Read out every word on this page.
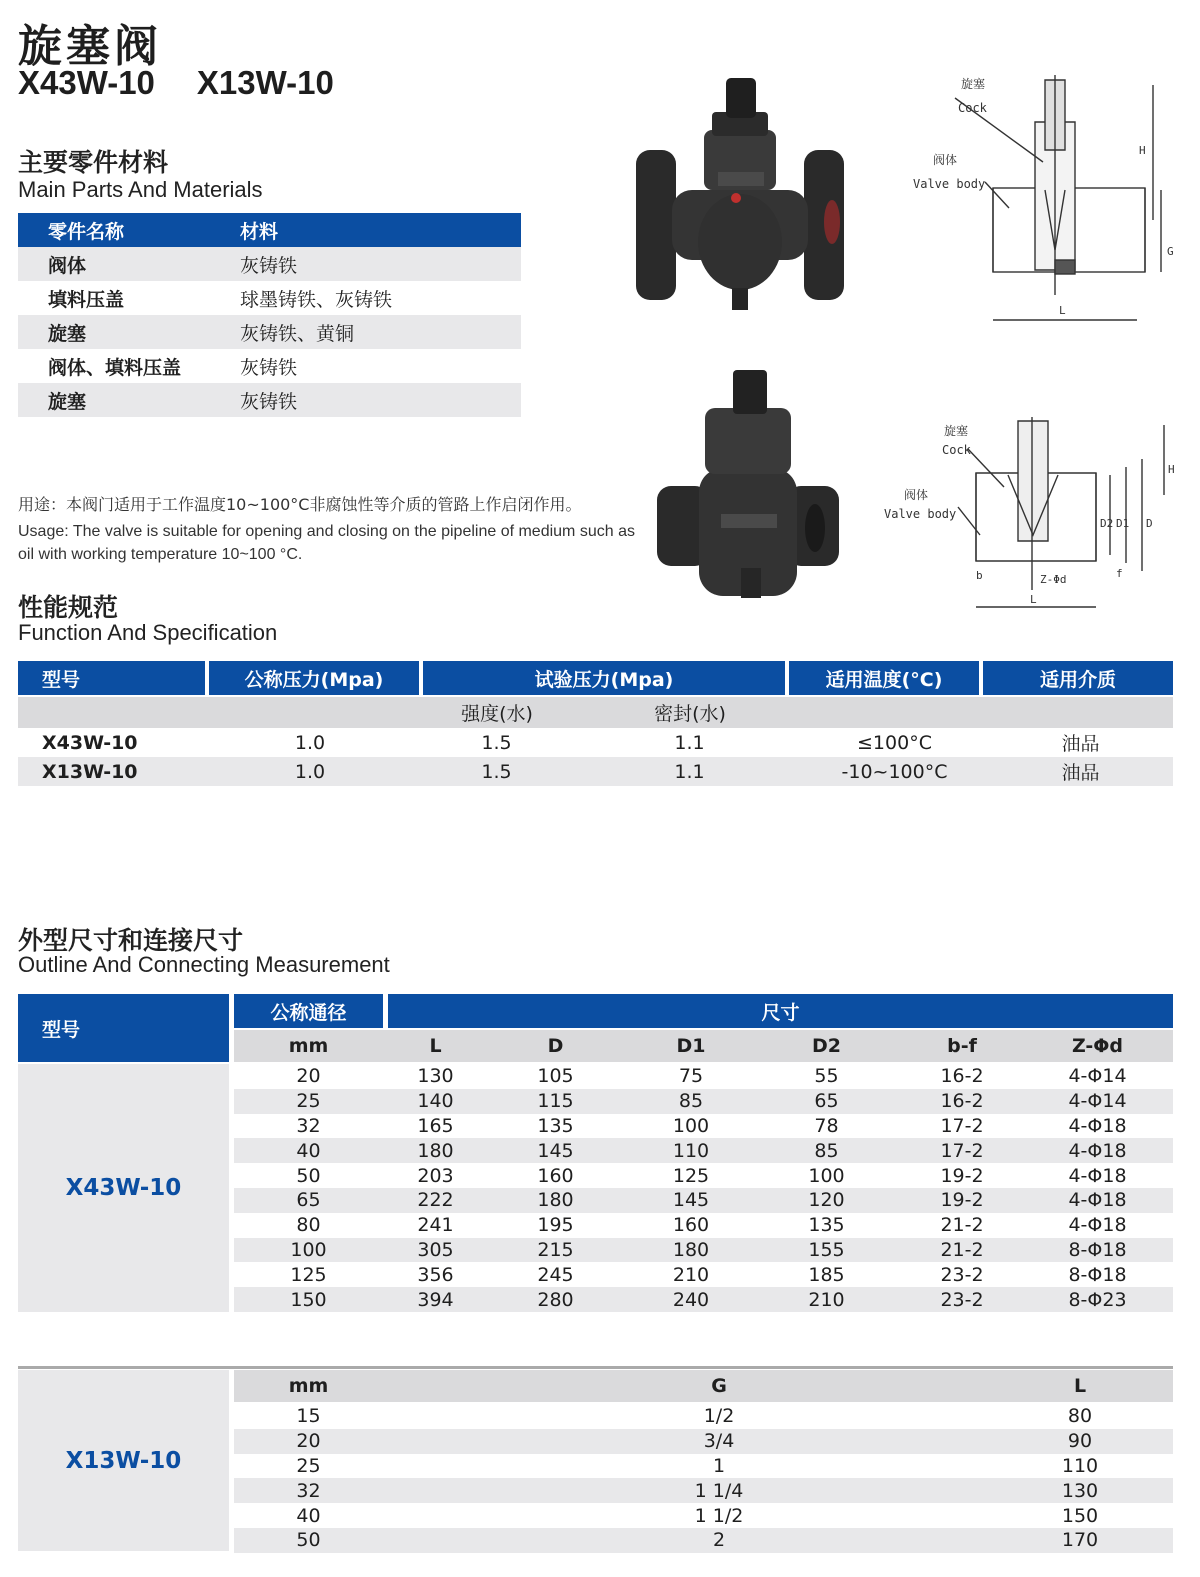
旋塞阀
X43W-10 X13W-10
主要零件材料
Main Parts And Materials
零件名称	材料
阀体	灰铸铁
填料压盖	球墨铸铁、灰铸铁
旋塞	灰铸铁、黄铜
阀体、填料压盖	灰铸铁
旋塞	灰铸铁
用途：本阀门适用于工作温度10~100°C非腐蚀性等介质的管路上作启闭作用。
Usage: The valve is suitable for opening and closing on the pipeline of medium such as oil with working temperature 10~100 °C.
旋塞
Cock
阀体
Valve body
H
G
L
旋塞
Cock
阀体
Valve body
H
D2 D1 D
b	Z-Φd	f
L
性能规范
Function And Specification
型号	公称压力(Mpa)	试验压力(Mpa)	适用温度(°C)	适用介质
强度(水)	密封(水)
X43W-10	1.0	1.5	1.1	≤100°C	油品
X13W-10	1.0	1.5	1.1	-10~100°C	油品
外型尺寸和连接尺寸
Outline And Connecting Measurement
型号
公称通径	尺寸
mm	L	D	D1	D2	b-f	Z-Φd
X43W-10
20	130	105	75	55	16-2	4-Φ14
25	140	115	85	65	16-2	4-Φ14
32	165	135	100	78	17-2	4-Φ18
40	180	145	110	85	17-2	4-Φ18
50	203	160	125	100	19-2	4-Φ18
65	222	180	145	120	19-2	4-Φ18
80	241	195	160	135	21-2	4-Φ18
100	305	215	180	155	21-2	8-Φ18
125	356	245	210	185	23-2	8-Φ18
150	394	280	240	210	23-2	8-Φ23
X13W-10
mm	G	L
15	1/2	80
20	3/4	90
25	1	110
32	1 1/4	130
40	1 1/2	150
50	2	170
